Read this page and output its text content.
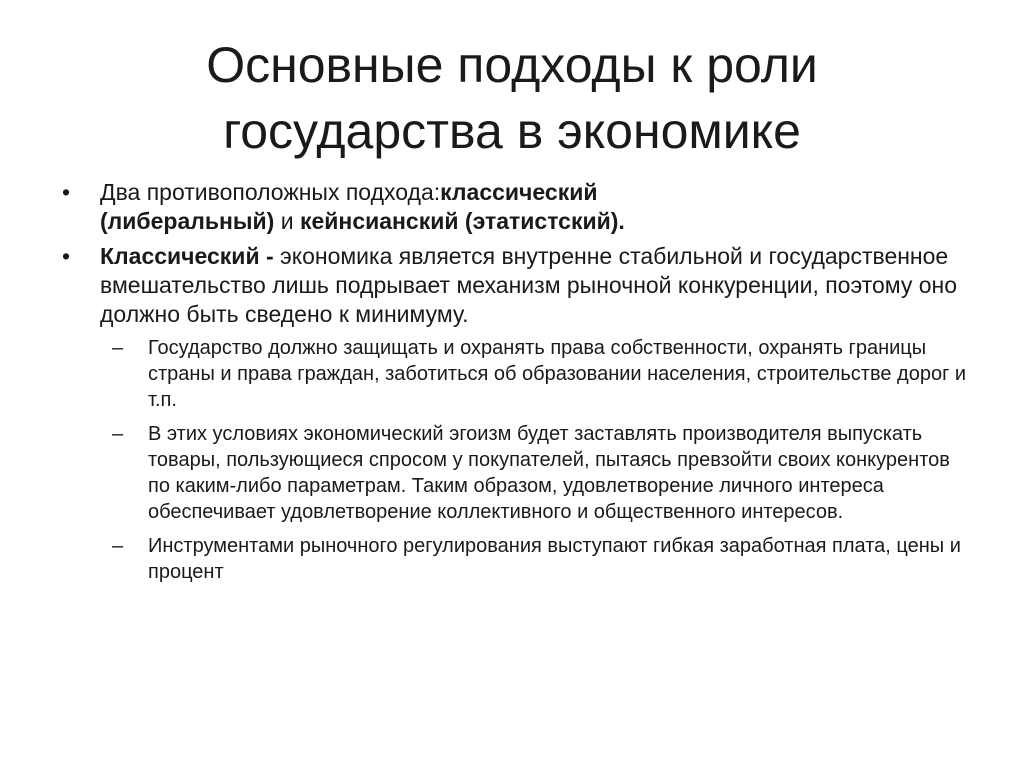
Основные подходы к роли
государства в экономике
•	Два противоположных подхода:классический
(либеральный) и кейнсианский (этатистский).
•	Классический - экономика является внутренне стабильной и государственное вмешательство лишь подрывает механизм рыночной конкуренции, поэтому оно должно быть сведено к минимуму.
– Государство должно защищать и охранять права собственности, охранять границы страны и права граждан, заботиться об образовании населения, строительстве дорог и т.п.
– В этих условиях экономический эгоизм будет заставлять производителя выпускать товары, пользующиеся спросом у покупателей, пытаясь превзойти своих конкурентов по каким-либо параметрам. Таким образом, удовлетворение личного интереса обеспечивает удовлетворение коллективного и общественного интересов.
– Инструментами рыночного регулирования выступают гибкая заработная плата, цены и процент
